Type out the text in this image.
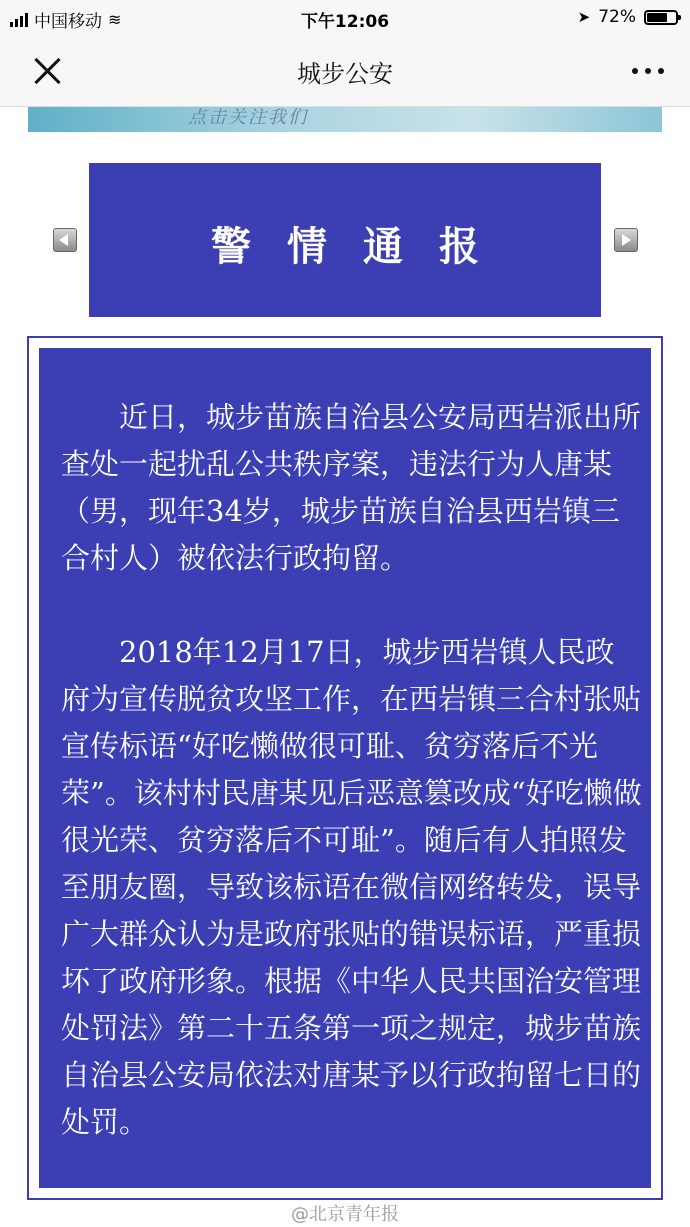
中国移动 ≋	下午12:06	➤ 72%
城步公安
点击关注我们
警情通报

近日，城步苗族自治县公安局西岩派出所查处一起扰乱公共秩序案，违法行为人唐某（男，现年34岁，城步苗族自治县西岩镇三合村人）被依法行政拘留。

2018年12月17日，城步西岩镇人民政府为宣传脱贫攻坚工作，在西岩镇三合村张贴宣传标语“好吃懒做很可耻、贫穷落后不光荣”。该村村民唐某见后恶意篡改成“好吃懒做很光荣、贫穷落后不可耻”。随后有人拍照发至朋友圈，导致该标语在微信网络转发，误导广大群众认为是政府张贴的错误标语，严重损坏了政府形象。根据《中华人民共国治安管理处罚法》第二十五条第一项之规定，城步苗族自治县公安局依法对唐某予以行政拘留七日的处罚。

@北京青年报
